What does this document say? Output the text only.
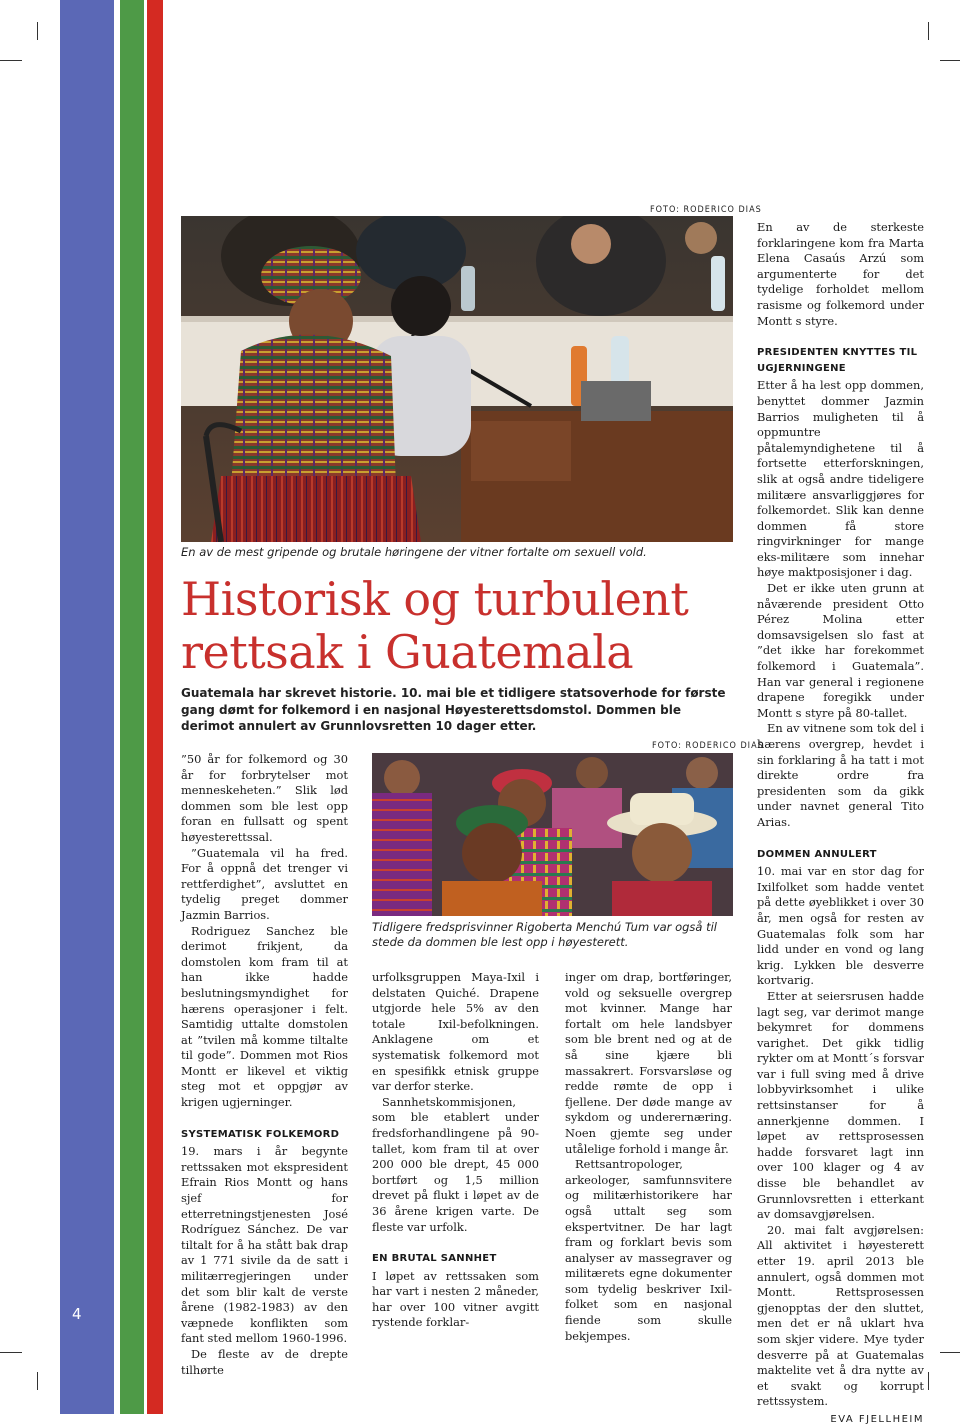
4
FOTO: RODERICO DIAS
En av de mest gripende og brutale høringene der vitner fortalte om sexuell vold.
Historisk og turbulent
rettsak i Guatemala

Guatemala har skrevet historie. 10. mai ble et tidligere statsoverhode for første gang dømt for folkemord i en nasjonal Høyesterettsdomstol. Dommen ble derimot annulert av Grunnlovsretten 10 dager etter.

FOTO: RODERICO DIAS
Tidligere fredsprisvinner Rigoberta Menchú Tum var også til stede da dommen ble lest opp i høyesterett.

”50 år for folkemord og 30 år for forbrytelser mot menneskeheten.” Slik lød dommen som ble lest opp foran en fullsatt og spent høyesterettssal.

”Guatemala vil ha fred. For å oppnå det trenger vi rettferdighet”, avsluttet en tydelig preget dommer Jazmin Barrios.

Rodriguez Sanchez ble derimot frikjent, da domstolen kom fram til at han ikke hadde beslutningsmyndighet for hærens operasjoner i felt. Samtidig uttalte domstolen at ”tvilen må komme tiltalte til gode”. Dommen mot Rios Montt er likevel et viktig steg mot et oppgjør av krigen ugjerninger.

SYSTEMATISK FOLKEMORD

19. mars i år begynte rettssaken mot ekspresident Efrain Rios Montt og hans sjef for etterretningstjenesten José Rodríguez Sánchez. De var tiltalt for å ha stått bak drap av 1 771 sivile da de satt i militærregjeringen under det som blir kalt de verste årene (1982-1983) av den væpnede konflikten som fant sted mellom 1960-1996.

De fleste av de drepte tilhørte

urfolksgruppen Maya-Ixil i delstaten Quiché. Drapene utgjorde hele 5% av den totale Ixil-befolkningen. Anklagene om et systematisk folkemord mot en spesifikk etnisk gruppe var derfor sterke.

Sannhetskommisjonen, som ble etablert under fredsforhandlingene på 90-tallet, kom fram til at over 200 000 ble drept, 45 000 bortført og 1,5 million drevet på flukt i løpet av de 36 årene krigen varte. De fleste var urfolk.

EN BRUTAL SANNHET

I løpet av rettssaken som har vart i nesten 2 måneder, har over 100 vitner avgitt rystende forklar-

inger om drap, bortføringer, vold og seksuelle overgrep mot kvinner. Mange har fortalt om hele landsbyer som ble brent ned og at de så sine kjære bli massakrert. Forsvarsløse og redde rømte de opp i fjellene. Der døde mange av sykdom og underernæring. Noen gjemte seg under utålelige forhold i mange år.

Rettsantropologer, arkeologer, samfunnsvitere og militærhistorikere har også uttalt seg som ekspertvitner. De har lagt fram og forklart bevis som analyser av massegraver og militærets egne dokumenter som tydelig beskriver Ixil-folket som en nasjonal fiende som skulle bekjempes.

En av de sterkeste forklaringene kom fra Marta Elena Casaús Arzú som argumenterte for det tydelige forholdet mellom rasisme og folkemord under Montt s styre.

PRESIDENTEN KNYTTES TIL UGJERNINGENE

Etter å ha lest opp dommen, benyttet dommer Jazmin Barrios muligheten til å oppmuntre påtalemyndighetene til å fortsette etterforskningen, slik at også andre tideligere militære ansvarliggjøres for folkemordet. Slik kan denne dommen få store ringvirkninger for mange eks-militære som innehar høye maktposisjoner i dag.

Det er ikke uten grunn at nåværende president Otto Pérez Molina etter domsavsigelsen slo fast at ”det ikke har forekommet folkemord i Guatemala”. Han var general i regionene drapene foregikk under Montt s styre på 80-tallet.

En av vitnene som tok del i hærens overgrep, hevdet i sin forklaring å ha tatt i mot direkte ordre fra presidenten som da gikk under navnet general Tito Arias.

DOMMEN ANNULERT

10. mai var en stor dag for Ixilfolket som hadde ventet på dette øyeblikket i over 30 år, men også for resten av Guatemalas folk som har lidd under en vond og lang krig. Lykken ble desverre kortvarig.

Etter at seiersrusen hadde lagt seg, var derimot mange bekymret for dommens varighet. Det gikk tidlig rykter om at Montt´s forsvar var i full sving med å drive lobbyvirksomhet i ulike rettsinstanser for å annerkjenne dommen. I løpet av rettsprosessen hadde forsvaret lagt inn over 100 klager og 4 av disse ble behandlet av Grunnlovsretten i etterkant av domsavgjørelsen.

20. mai falt avgjørelsen: All aktivitet i høyesterett etter 19. april 2013 ble annulert, også dommen mot Montt. Rettsprosessen gjenopptas der den sluttet, men det er nå uklart hva som skjer videre. Mye tyder desverre på at Guatemalas maktelite vet å dra nytte av et svakt og korrupt rettssystem.

EVA FJELLHEIM
